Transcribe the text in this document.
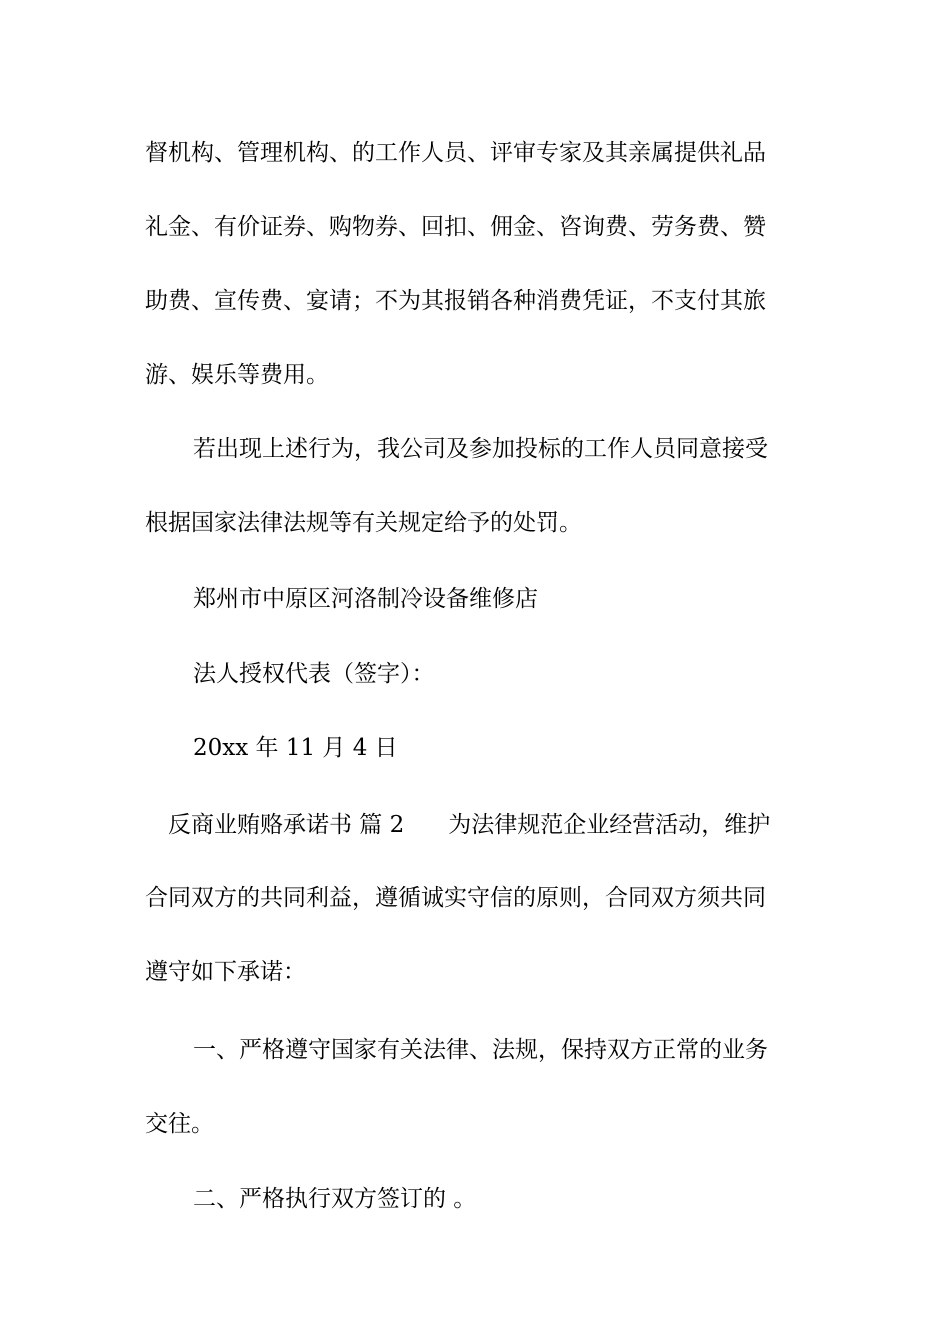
督机构、管理机构、的工作人员、评审专家及其亲属提供礼品

礼金、有价证券、购物券、回扣、佣金、咨询费、劳务费、赞

助费、宣传费、宴请；不为其报销各种消费凭证，不支付其旅

游、娱乐等费用。

若出现上述行为，我公司及参加投标的工作人员同意接受

根据国家法律法规等有关规定给予的处罚。

郑州市中原区河洛制冷设备维修店

法人授权代表（签字）：

20xx 年 11 月 4 日

反商业贿赂承诺书 篇 2 为法律规范企业经营活动，维护

合同双方的共同利益，遵循诚实守信的原则，合同双方须共同

遵守如下承诺：

一、严格遵守国家有关法律、法规，保持双方正常的业务

交往。

二、严格执行双方签订的 。
